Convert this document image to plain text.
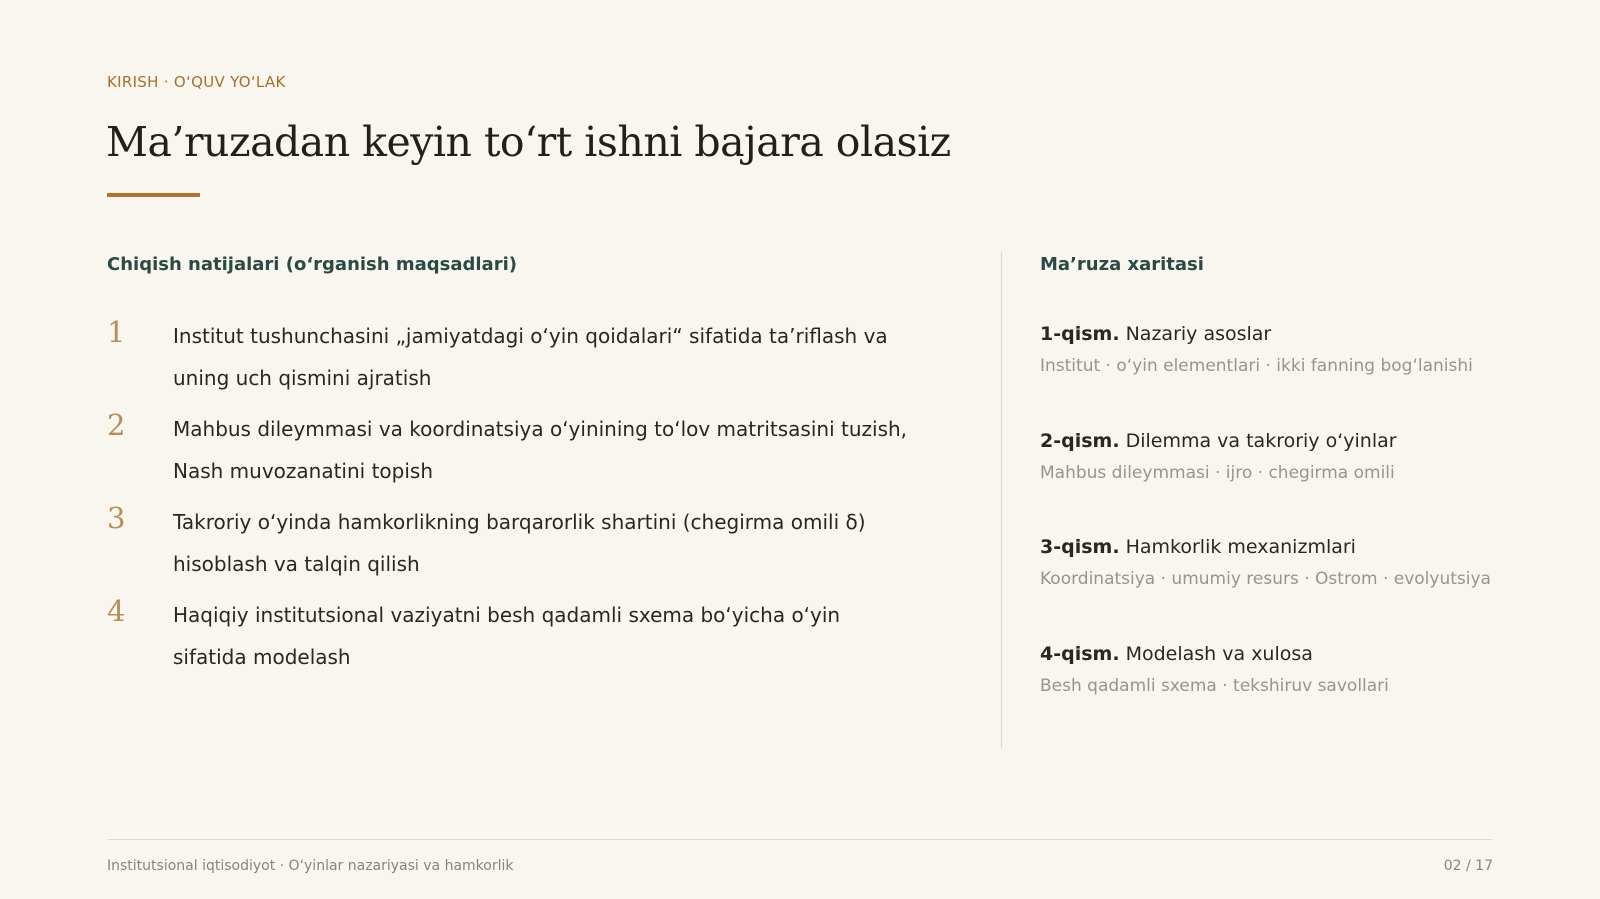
KIRISH · O‘QUV YO‘LAK
Ma’ruzadan keyin to‘rt ishni bajara olasiz
Chiqish natijalari (o‘rganish maqsadlari)
1 Institut tushunchasini „jamiyatdagi o‘yin qoidalari“ sifatida ta’riflash va uning uch qismini ajratish
2 Mahbus dileymmasi va koordinatsiya o‘yinining to‘lov matritsasini tuzish, Nash muvozanatini topish
3 Takroriy o‘yinda hamkorlikning barqarorlik shartini (chegirma omili δ) hisoblash va talqin qilish
4 Haqiqiy institutsional vaziyatni besh qadamli sxema bo‘yicha o‘yin sifatida modelash
Ma’ruza xaritasi
1-qism. Nazariy asoslar
Institut · o‘yin elementlari · ikki fanning bog‘lanishi
2-qism. Dilemma va takroriy o‘yinlar
Mahbus dileymmasi · ijro · chegirma omili
3-qism. Hamkorlik mexanizmlari
Koordinatsiya · umumiy resurs · Ostrom · evolyutsiya
4-qism. Modelash va xulosa
Besh qadamli sxema · tekshiruv savollari
Institutsional iqtisodiyot · O‘yinlar nazariyasi va hamkorlik	02 / 17
